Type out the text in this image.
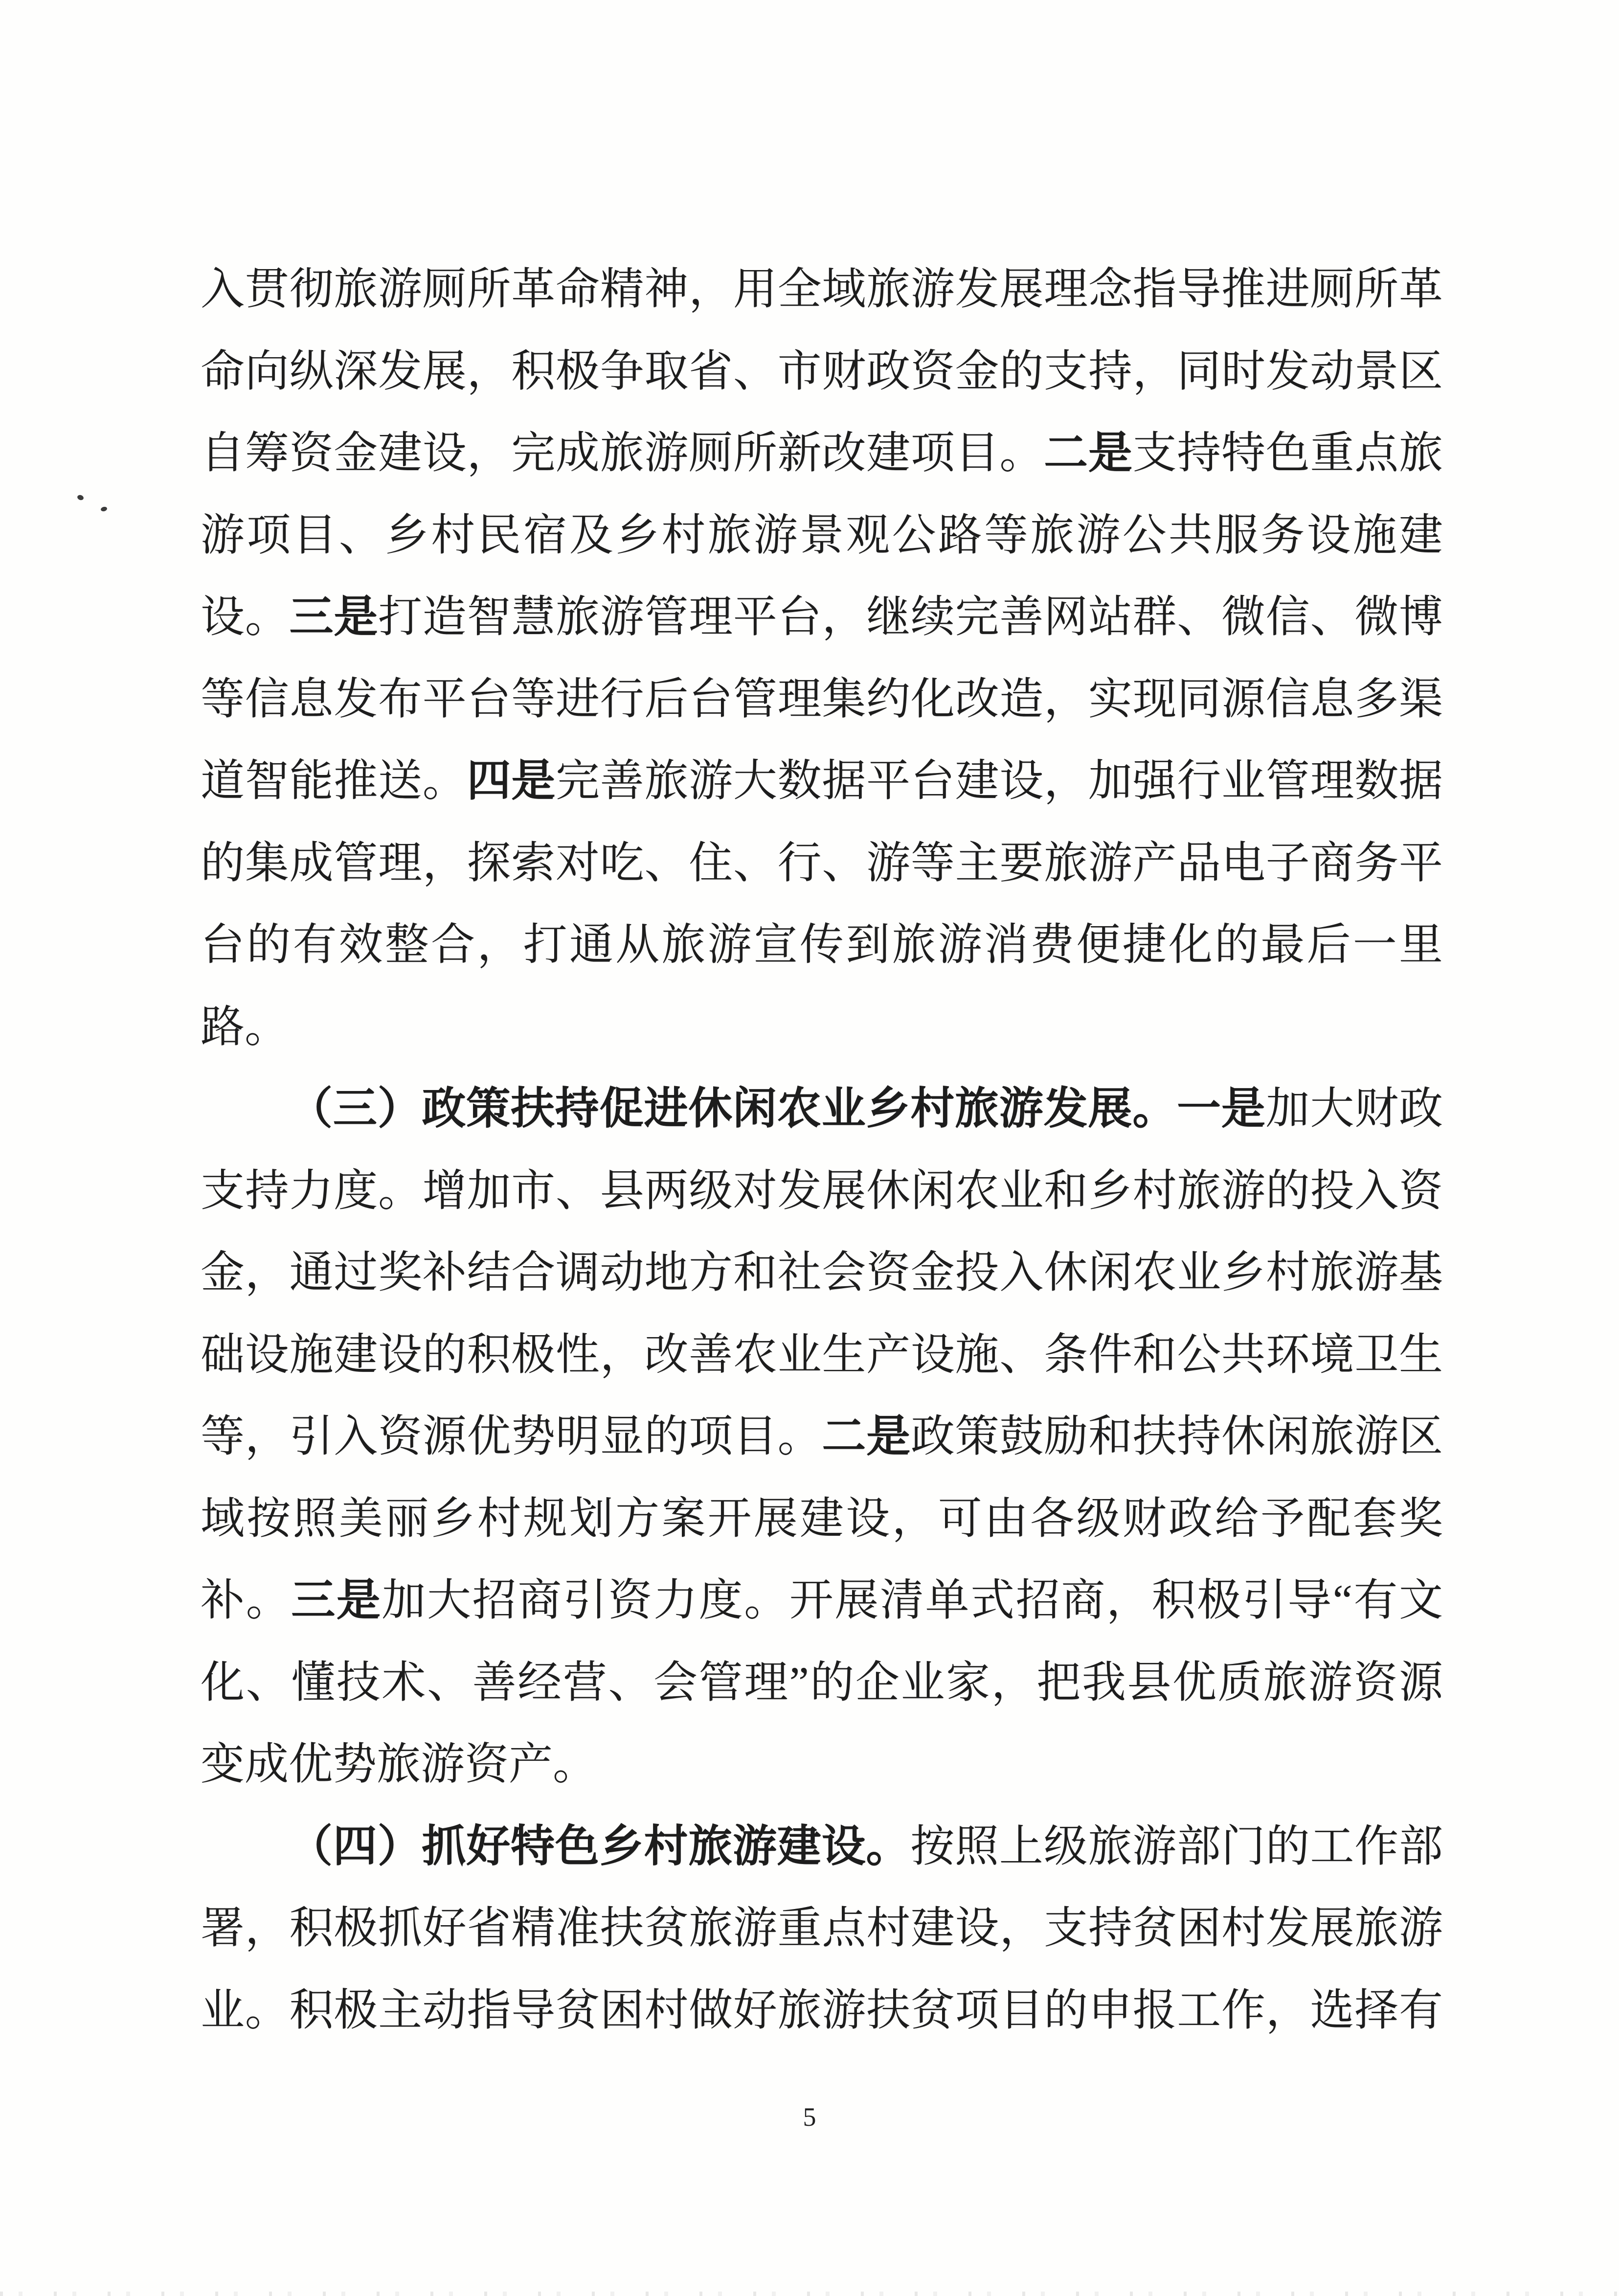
入贯彻旅游厕所革命精神，用全域旅游发展理念指导推进厕所革
命向纵深发展，积极争取省、市财政资金的支持，同时发动景区
自筹资金建设，完成旅游厕所新改建项目。二是支持特色重点旅
游项目、乡村民宿及乡村旅游景观公路等旅游公共服务设施建
设。三是打造智慧旅游管理平台，继续完善网站群、微信、微博
等信息发布平台等进行后台管理集约化改造，实现同源信息多渠
道智能推送。四是完善旅游大数据平台建设，加强行业管理数据
的集成管理，探索对吃、住、行、游等主要旅游产品电子商务平
台的有效整合，打通从旅游宣传到旅游消费便捷化的最后一里
路。
（三）政策扶持促进休闲农业乡村旅游发展。一是加大财政
支持力度。增加市、县两级对发展休闲农业和乡村旅游的投入资
金，通过奖补结合调动地方和社会资金投入休闲农业乡村旅游基
础设施建设的积极性，改善农业生产设施、条件和公共环境卫生
等，引入资源优势明显的项目。二是政策鼓励和扶持休闲旅游区
域按照美丽乡村规划方案开展建设，可由各级财政给予配套奖
补。三是加大招商引资力度。开展清单式招商，积极引导“有文
化、懂技术、善经营、会管理”的企业家，把我县优质旅游资源
变成优势旅游资产。
（四）抓好特色乡村旅游建设。按照上级旅游部门的工作部
署，积极抓好省精准扶贫旅游重点村建设，支持贫困村发展旅游
业。积极主动指导贫困村做好旅游扶贫项目的申报工作，选择有
5
